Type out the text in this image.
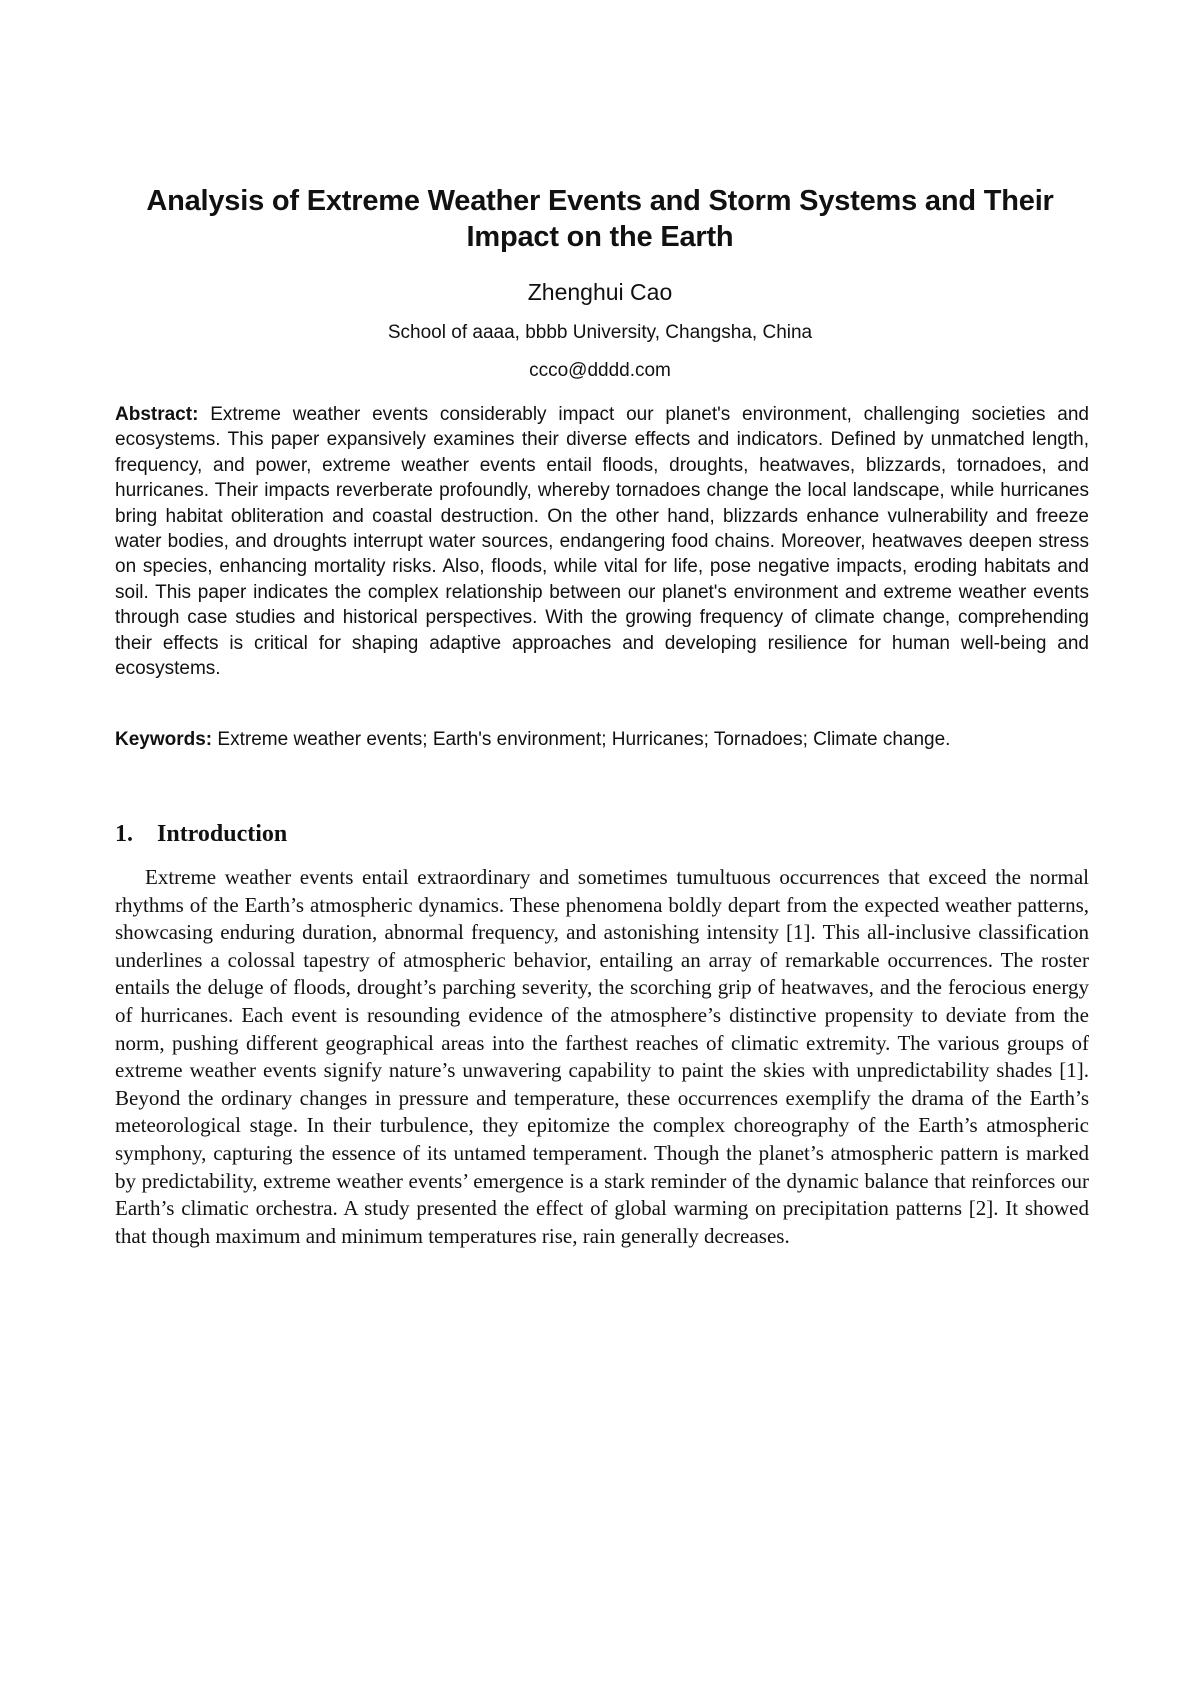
Analysis of Extreme Weather Events and Storm Systems and Their Impact on the Earth

Zhenghui Cao

School of aaaa, bbbb University, Changsha, China

ccco@dddd.com

Abstract: Extreme weather events considerably impact our planet's environment, challenging societies and ecosystems. This paper expansively examines their diverse effects and indicators. Defined by unmatched length, frequency, and power, extreme weather events entail floods, droughts, heatwaves, blizzards, tornadoes, and hurricanes. Their impacts reverberate profoundly, whereby tornadoes change the local landscape, while hurricanes bring habitat obliteration and coastal destruction. On the other hand, blizzards enhance vulnerability and freeze water bodies, and droughts interrupt water sources, endangering food chains. Moreover, heatwaves deepen stress on species, enhancing mortality risks. Also, floods, while vital for life, pose negative impacts, eroding habitats and soil. This paper indicates the complex relationship between our planet's environment and extreme weather events through case studies and historical perspectives. With the growing frequency of climate change, comprehending their effects is critical for shaping adaptive approaches and developing resilience for human well-being and ecosystems.

Keywords: Extreme weather events; Earth's environment; Hurricanes; Tornadoes; Climate change.

1. Introduction

Extreme weather events entail extraordinary and sometimes tumultuous occurrences that exceed the normal rhythms of the Earth’s atmospheric dynamics. These phenomena boldly depart from the expected weather patterns, showcasing enduring duration, abnormal frequency, and astonishing intensity [1]. This all-inclusive classification underlines a colossal tapestry of atmospheric behavior, entailing an array of remarkable occurrences. The roster entails the deluge of floods, drought’s parching severity, the scorching grip of heatwaves, and the ferocious energy of hurricanes. Each event is resounding evidence of the atmosphere’s distinctive propensity to deviate from the norm, pushing different geographical areas into the farthest reaches of climatic extremity. The various groups of extreme weather events signify nature’s unwavering capability to paint the skies with unpredictability shades [1]. Beyond the ordinary changes in pressure and temperature, these occurrences exemplify the drama of the Earth’s meteorological stage. In their turbulence, they epitomize the complex choreography of the Earth’s atmospheric symphony, capturing the essence of its untamed temperament. Though the planet’s atmospheric pattern is marked by predictability, extreme weather events’ emergence is a stark reminder of the dynamic balance that reinforces our Earth’s climatic orchestra. A study presented the effect of global warming on precipitation patterns [2]. It showed that though maximum and minimum temperatures rise, rain generally decreases.
